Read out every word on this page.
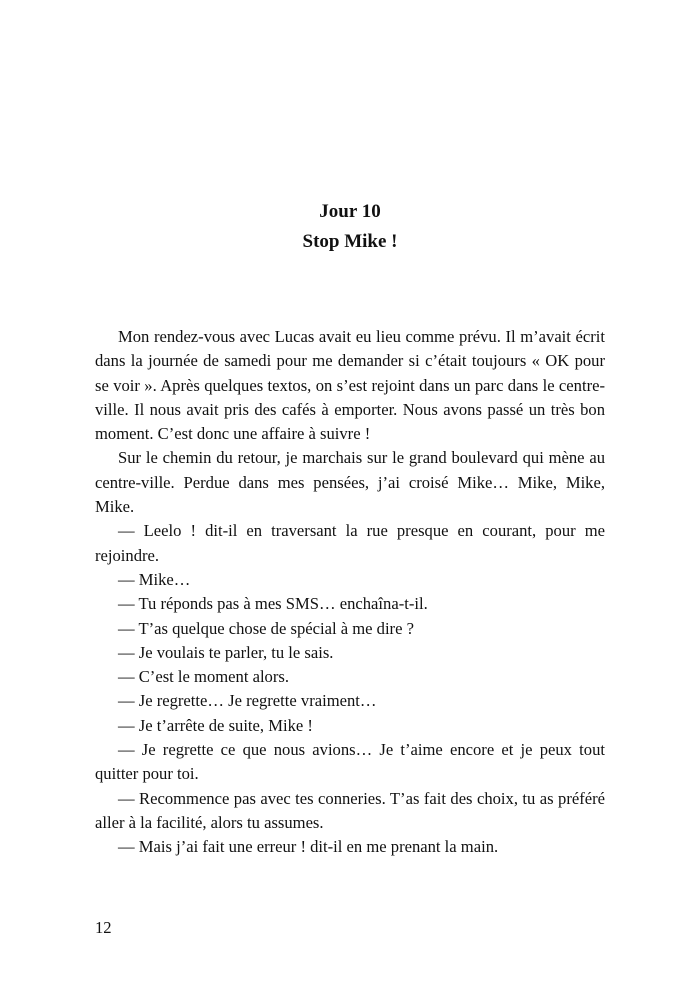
Jour 10
Stop Mike !

Mon rendez-vous avec Lucas avait eu lieu comme prévu. Il m’avait écrit dans la journée de samedi pour me demander si c’était toujours « OK pour se voir ». Après quelques textos, on s’est rejoint dans un parc dans le centre-ville. Il nous avait pris des cafés à emporter. Nous avons passé un très bon moment. C’est donc une affaire à suivre !

Sur le chemin du retour, je marchais sur le grand boulevard qui mène au centre-ville. Perdue dans mes pensées, j’ai croisé Mike… Mike, Mike, Mike.

— Leelo ! dit-il en traversant la rue presque en courant, pour me rejoindre.

— Mike…

— Tu réponds pas à mes SMS… enchaîna-t-il.

— T’as quelque chose de spécial à me dire ?

— Je voulais te parler, tu le sais.

— C’est le moment alors.

— Je regrette… Je regrette vraiment…

— Je t’arrête de suite, Mike !

— Je regrette ce que nous avions… Je t’aime encore et je peux tout quitter pour toi.

— Recommence pas avec tes conneries. T’as fait des choix, tu as préféré aller à la facilité, alors tu assumes.

— Mais j’ai fait une erreur ! dit-il en me prenant la main.

12
